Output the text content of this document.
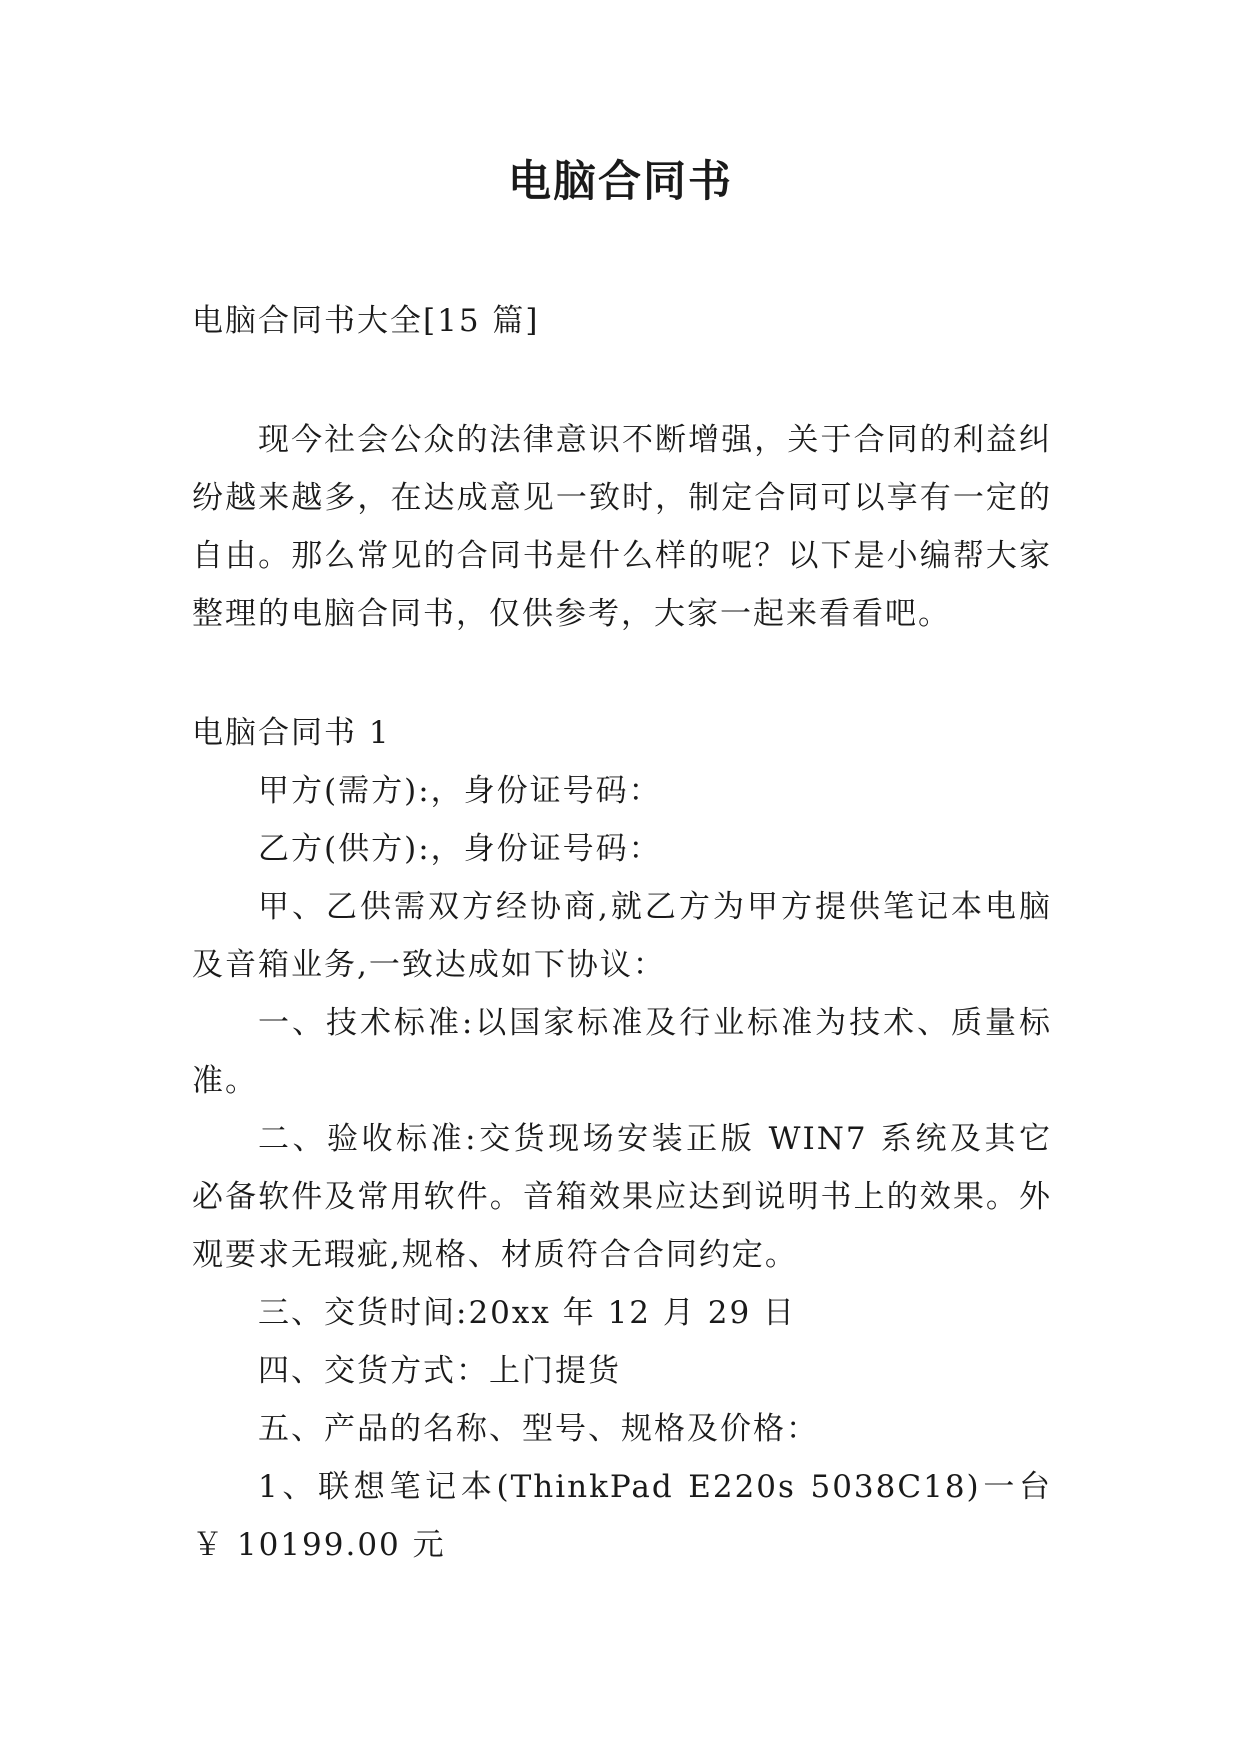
电脑合同书

电脑合同书大全[15 篇]

现今社会公众的法律意识不断增强，关于合同的利益纠纷越来越多，在达成意见一致时，制定合同可以享有一定的自由。那么常见的合同书是什么样的呢？以下是小编帮大家整理的电脑合同书，仅供参考，大家一起来看看吧。

电脑合同书 1

甲方(需方):，身份证号码：

乙方(供方):，身份证号码：

甲、乙供需双方经协商,就乙方为甲方提供笔记本电脑及音箱业务,一致达成如下协议：

一、技术标准:以国家标准及行业标准为技术、质量标准。

二、验收标准:交货现场安装正版 WIN7 系统及其它必备软件及常用软件。音箱效果应达到说明书上的效果。外观要求无瑕疵,规格、材质符合合同约定。

三、交货时间:20xx 年 12 月 29 日

四、交货方式：上门提货

五、产品的名称、型号、规格及价格：

1、联想笔记本(ThinkPad E220s 5038C18)一台￥ 10199.00 元
